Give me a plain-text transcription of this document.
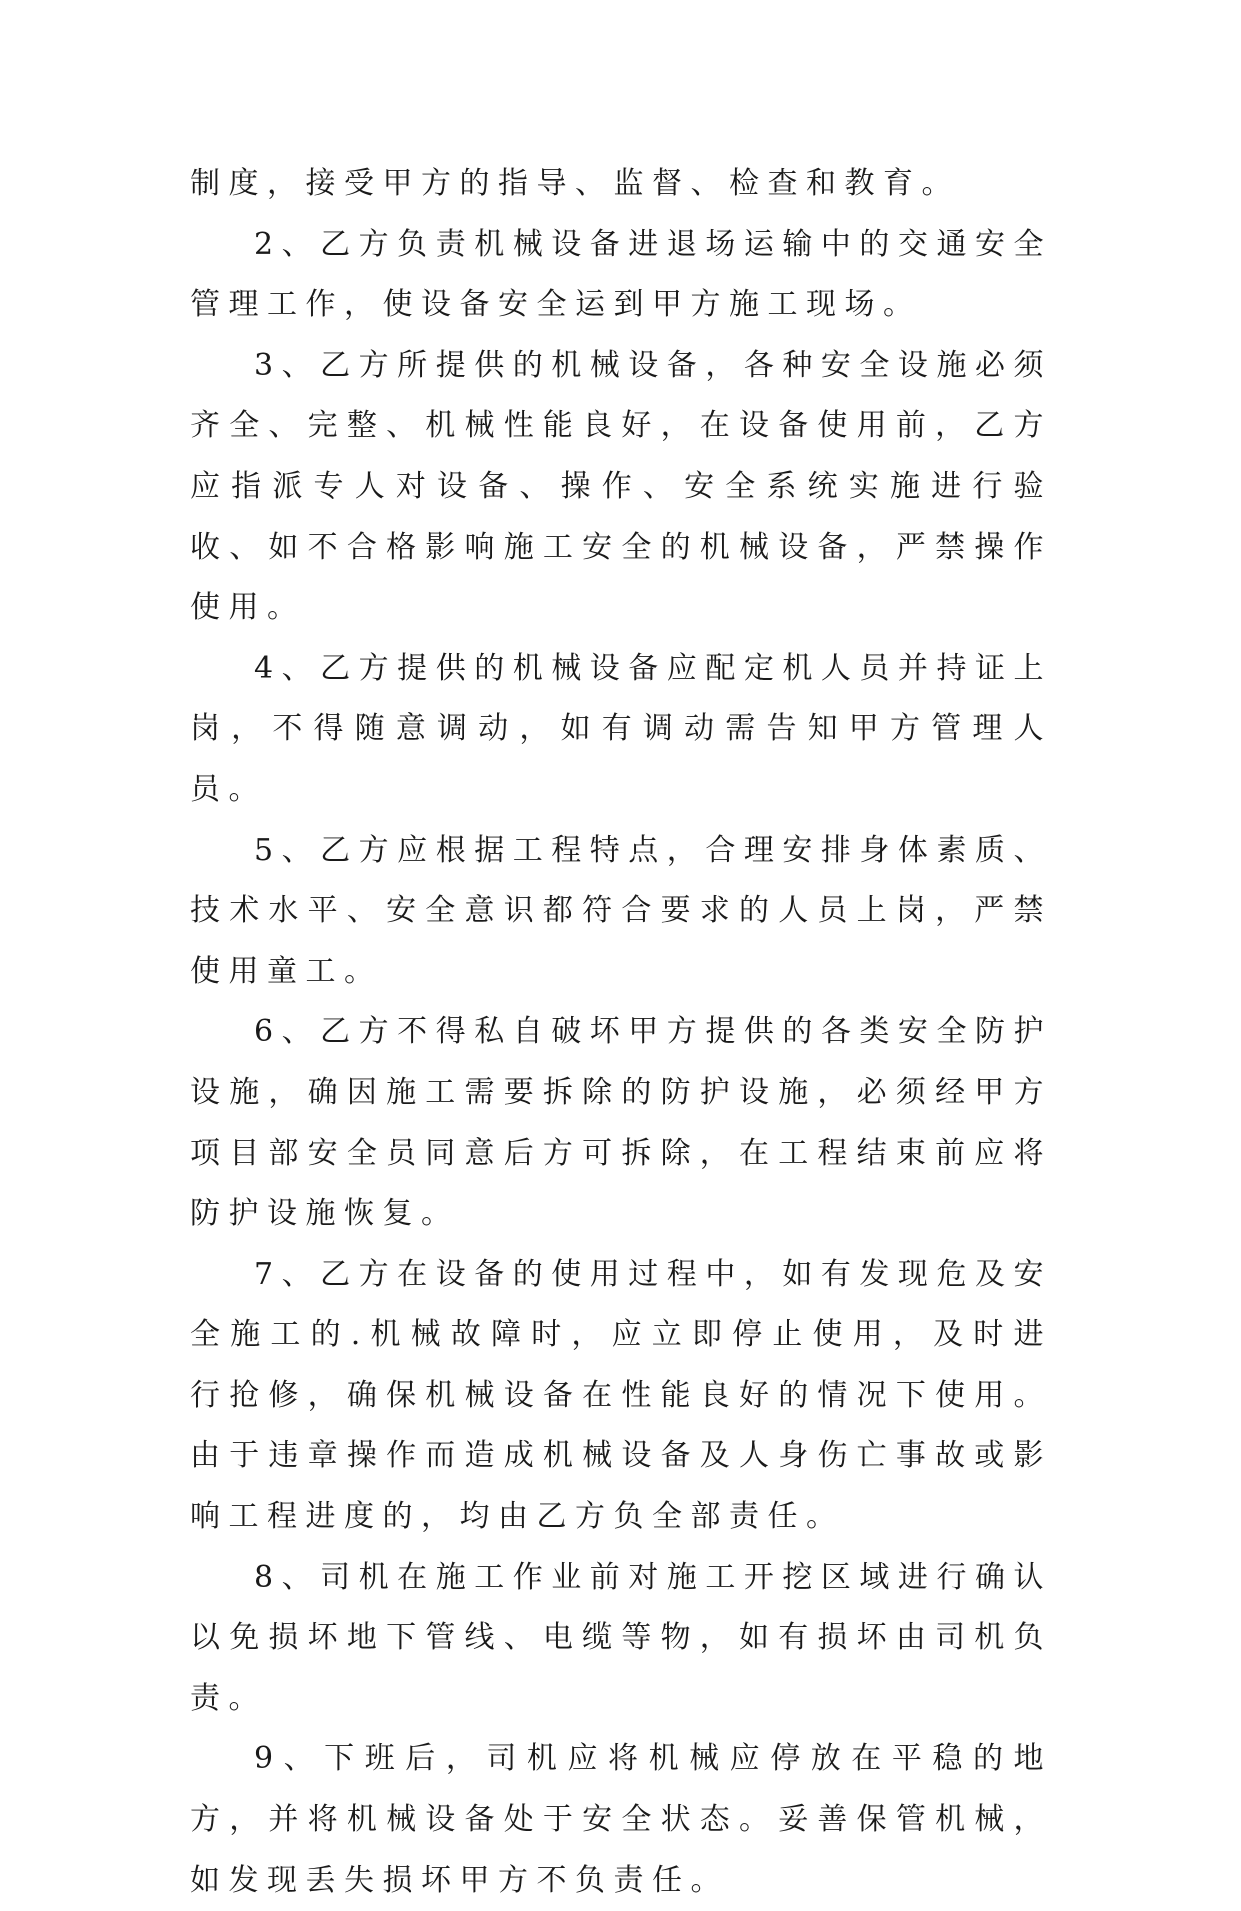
制度，接受甲方的指导、监督、检查和教育。

2、乙方负责机械设备进退场运输中的交通安全管理工作，使设备安全运到甲方施工现场。

3、乙方所提供的机械设备，各种安全设施必须齐全、完整、机械性能良好，在设备使用前，乙方应指派专人对设备、操作、安全系统实施进行验收、如不合格影响施工安全的机械设备，严禁操作使用。

4、乙方提供的机械设备应配定机人员并持证上岗，不得随意调动，如有调动需告知甲方管理人员。

5、乙方应根据工程特点，合理安排身体素质、技术水平、安全意识都符合要求的人员上岗，严禁使用童工。

6、乙方不得私自破坏甲方提供的各类安全防护设施，确因施工需要拆除的防护设施，必须经甲方项目部安全员同意后方可拆除，在工程结束前应将防护设施恢复。

7、乙方在设备的使用过程中，如有发现危及安全施工的.机械故障时，应立即停止使用，及时进行抢修，确保机械设备在性能良好的情况下使用。由于违章操作而造成机械设备及人身伤亡事故或影响工程进度的，均由乙方负全部责任。

8、司机在施工作业前对施工开挖区域进行确认以免损坏地下管线、电缆等物，如有损坏由司机负责。

9、下班后，司机应将机械应停放在平稳的地方，并将机械设备处于安全状态。妥善保管机械，如发现丢失损坏甲方不负责任。
